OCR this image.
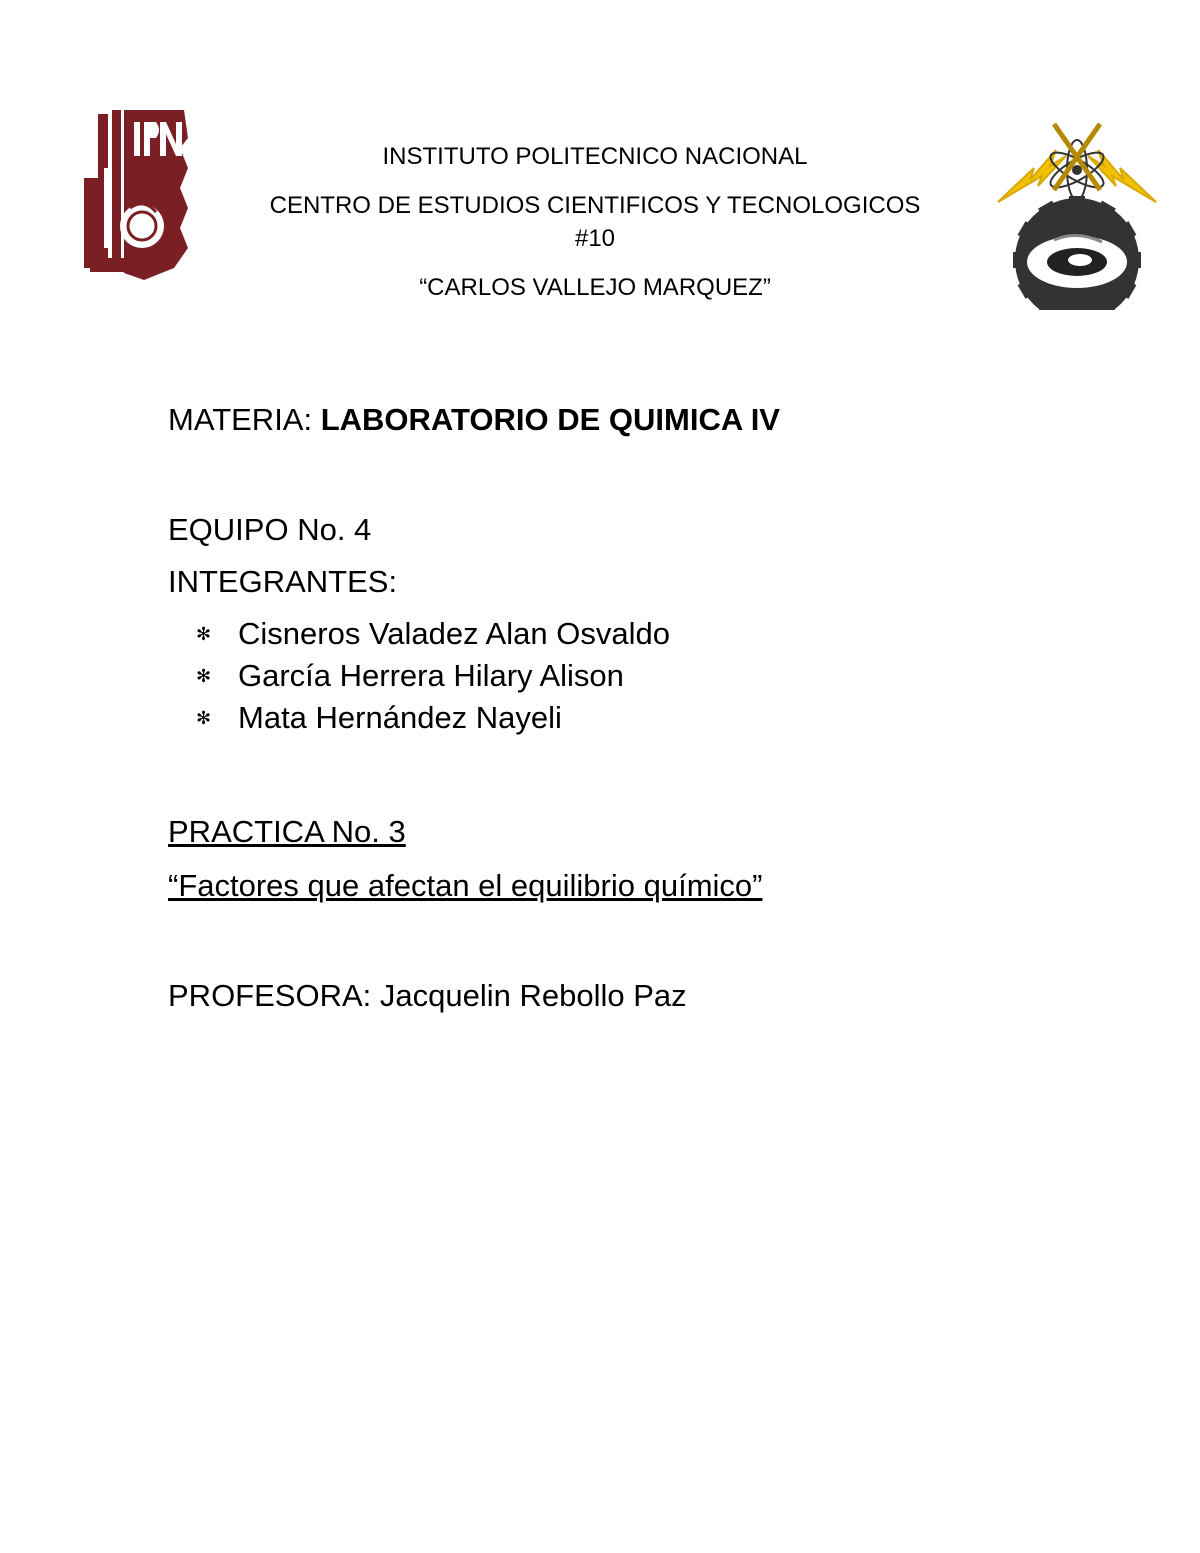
INSTITUTO POLITECNICO NACIONAL
CENTRO DE ESTUDIOS CIENTIFICOS Y TECNOLOGICOS
#10
“CARLOS VALLEJO MARQUEZ”
MATERIA: LABORATORIO DE QUIMICA IV
EQUIPO No. 4
INTEGRANTES:
✻ Cisneros Valadez Alan Osvaldo
✻ García Herrera Hilary Alison
✻ Mata Hernández Nayeli
PRACTICA No. 3
“Factores que afectan el equilibrio químico”
PROFESORA: Jacquelin Rebollo Paz
